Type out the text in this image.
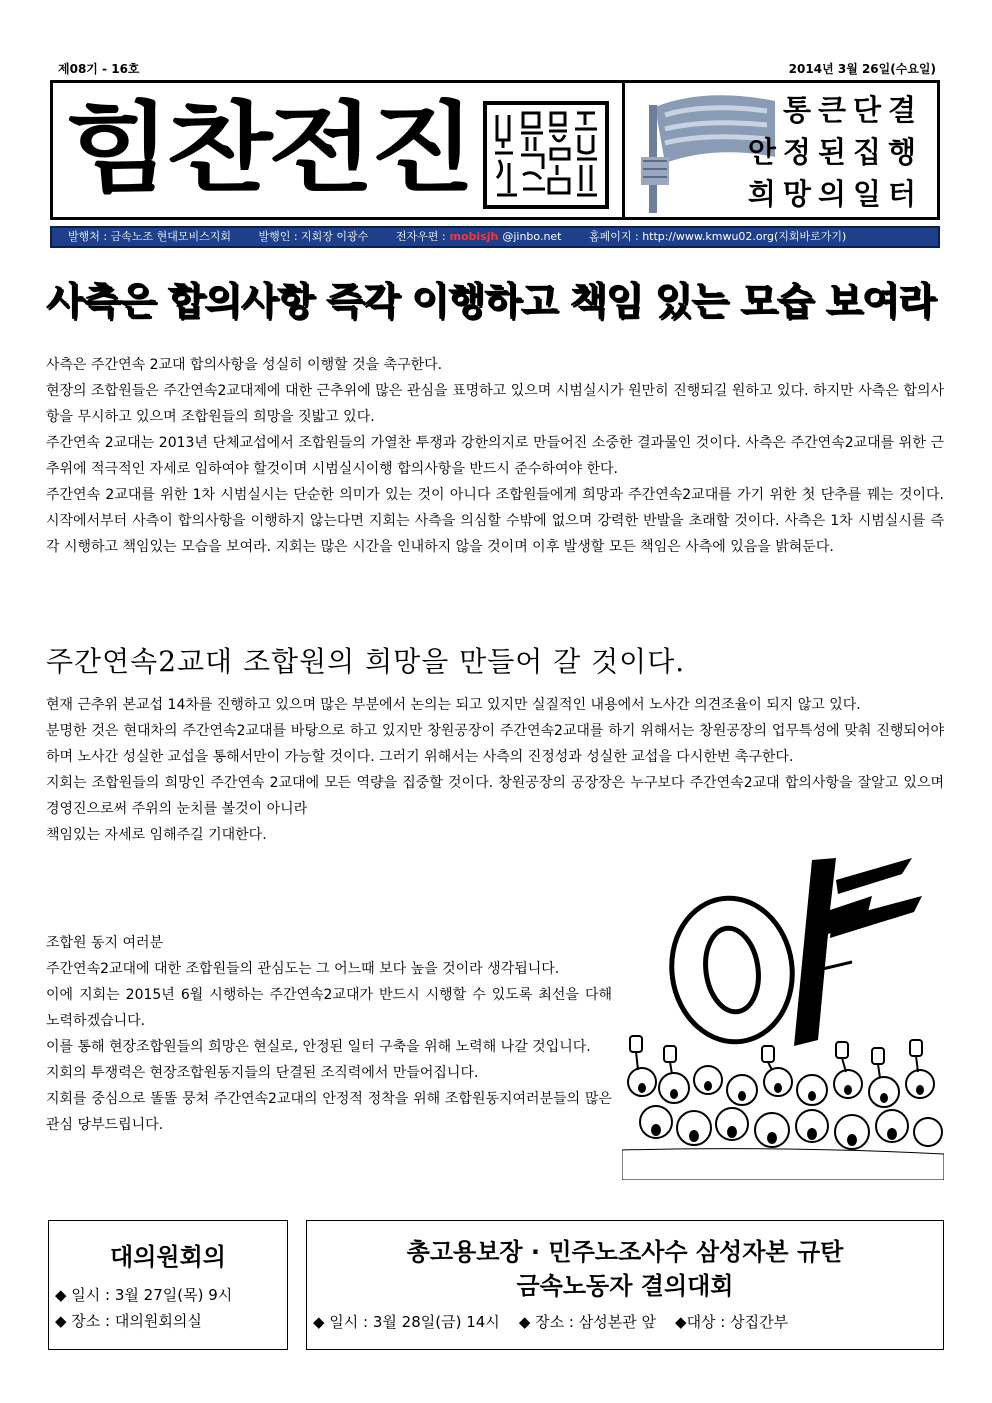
제08기 - 16호	2014년 3월 26일(수요일)
힘찬전진	통큰단결
안정된집행
희망의일터
발행처 : 금속노조 현대모비스지회	발행인 : 지회장 이광수	전자우편 : mobisjh @jinbo.net	홈페이지 : http://www.kmwu02.org(지회바로가기)
사측은 합의사항 즉각 이행하고 책임 있는 모습 보여라

사측은 주간연속 2교대 합의사항을 성실히 이행할 것을 촉구한다.

현장의 조합원들은 주간연속2교대제에 대한 근추위에 많은 관심을 표명하고 있으며 시범실시가 원만히 진행되길 원하고 있다. 하지만 사측은 합의사항을 무시하고 있으며 조합원들의 희망을 짓밟고 있다.

주간연속 2교대는 2013년 단체교섭에서 조합원들의 가열찬 투쟁과 강한의지로 만들어진 소중한 결과물인 것이다. 사측은 주간연속2교대를 위한 근추위에 적극적인 자세로 임하여야 할것이며 시범실시이행 합의사항을 반드시 준수하여야 한다.

주간연속 2교대를 위한 1차 시범실시는 단순한 의미가 있는 것이 아니다 조합원들에게 희망과 주간연속2교대를 가기 위한 첫 단추를 꿰는 것이다. 시작에서부터 사측이 합의사항을 이행하지 않는다면 지회는 사측을 의심할 수밖에 없으며 강력한 반발을 초래할 것이다. 사측은 1차 시범실시를 즉각 시행하고 책임있는 모습을 보여라. 지회는 많은 시간을 인내하지 않을 것이며 이후 발생할 모든 책임은 사측에 있음을 밝혀둔다.

주간연속2교대 조합원의 희망을 만들어 갈 것이다.

현재 근추위 본교섭 14차를 진행하고 있으며 많은 부분에서 논의는 되고 있지만 실질적인 내용에서 노사간 의견조율이 되지 않고 있다.

분명한 것은 현대차의 주간연속2교대를 바탕으로 하고 있지만 창원공장이 주간연속2교대를 하기 위해서는 창원공장의 업무특성에 맞춰 진행되어야하며 노사간 성실한 교섭을 통해서만이 가능할 것이다. 그러기 위해서는 사측의 진정성과 성실한 교섭을 다시한번 촉구한다.

지회는 조합원들의 희망인 주간연속 2교대에 모든 역량을 집중할 것이다. 창원공장의 공장장은 누구보다 주간연속2교대 합의사항을 잘알고 있으며 경영진으로써 주위의 눈치를 볼것이 아니라

책임있는 자세로 임해주길 기대한다.

조합원 동지 여러분

주간연속2교대에 대한 조합원들의 관심도는 그 어느때 보다 높을 것이라 생각됩니다.

이에 지회는 2015년 6월 시행하는 주간연속2교대가 반드시 시행할 수 있도록 최선을 다해 노력하겠습니다.

이를 통해 현장조합원들의 희망은 현실로, 안정된 일터 구축을 위해 노력해 나갈 것입니다.

지회의 투쟁력은 현장조합원동지들의 단결된 조직력에서 만들어집니다.

지회를 중심으로 똘똘 뭉쳐 주간연속2교대의 안정적 정착을 위해 조합원동지여러분들의 많은 관심 당부드립니다.

대의원회의
◆ 일시 : 3월 27일(목) 9시
◆ 장소 : 대의원회의실
총고용보장 · 민주노조사수 삼성자본 규탄
금속노동자 결의대회
◆ 일시 : 3월 28일(금) 14시    ◆ 장소 : 삼성본관 앞    ◆대상 : 상집간부
